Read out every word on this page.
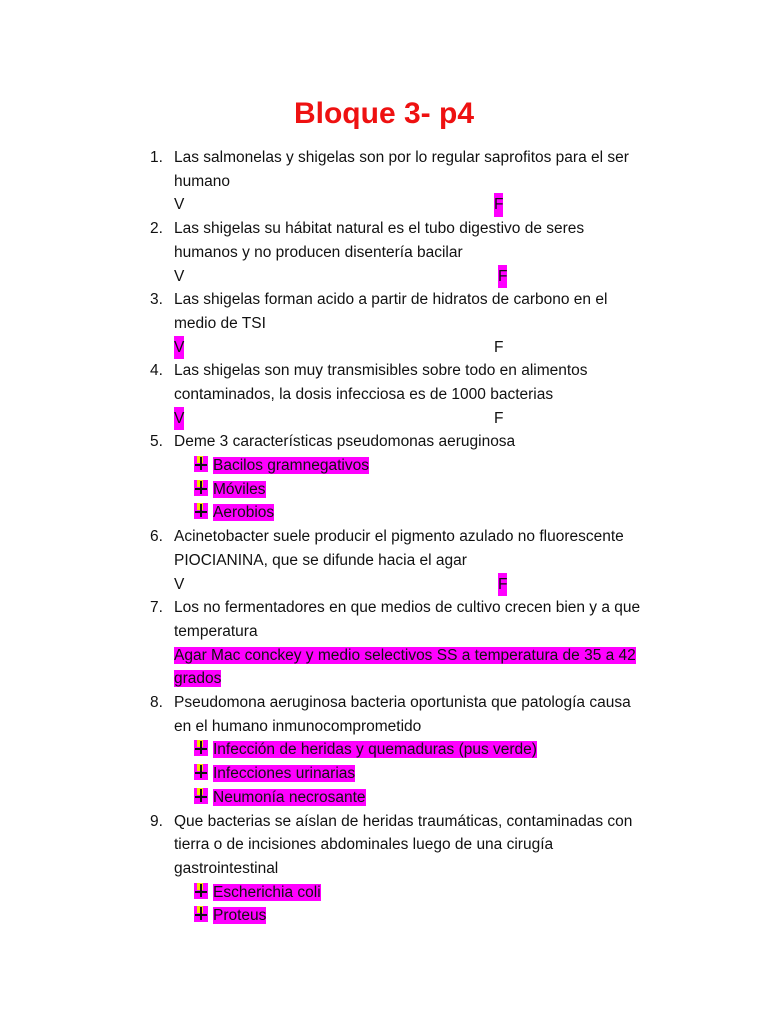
Bloque 3- p4
1. Las salmonelas y shigelas son por lo regular saprofitos para el ser
humano
V	F
2. Las shigelas su hábitat natural es el tubo digestivo de seres
humanos y no producen disentería bacilar
V	F
3. Las shigelas forman acido a partir de hidratos de carbono en el
medio de TSI
V	F
4. Las shigelas son muy transmisibles sobre todo en alimentos
contaminados, la dosis infecciosa es de 1000 bacterias
V	F
5. Deme 3 características pseudomonas aeruginosa
Bacilos gramnegativos
Móviles
Aerobios
6. Acinetobacter suele producir el pigmento azulado no fluorescente
PIOCIANINA, que se difunde hacia el agar
V	F
7. Los no fermentadores en que medios de cultivo crecen bien y a que
temperatura
Agar Mac conckey y medio selectivos SS a temperatura de 35 a 42
grados
8. Pseudomona aeruginosa bacteria oportunista que patología causa
en el humano inmunocomprometido
Infección de heridas y quemaduras (pus verde)
Infecciones urinarias
Neumonía necrosante
9. Que bacterias se aíslan de heridas traumáticas, contaminadas con
tierra o de incisiones abdominales luego de una cirugía
gastrointestinal
Escherichia coli
Proteus
